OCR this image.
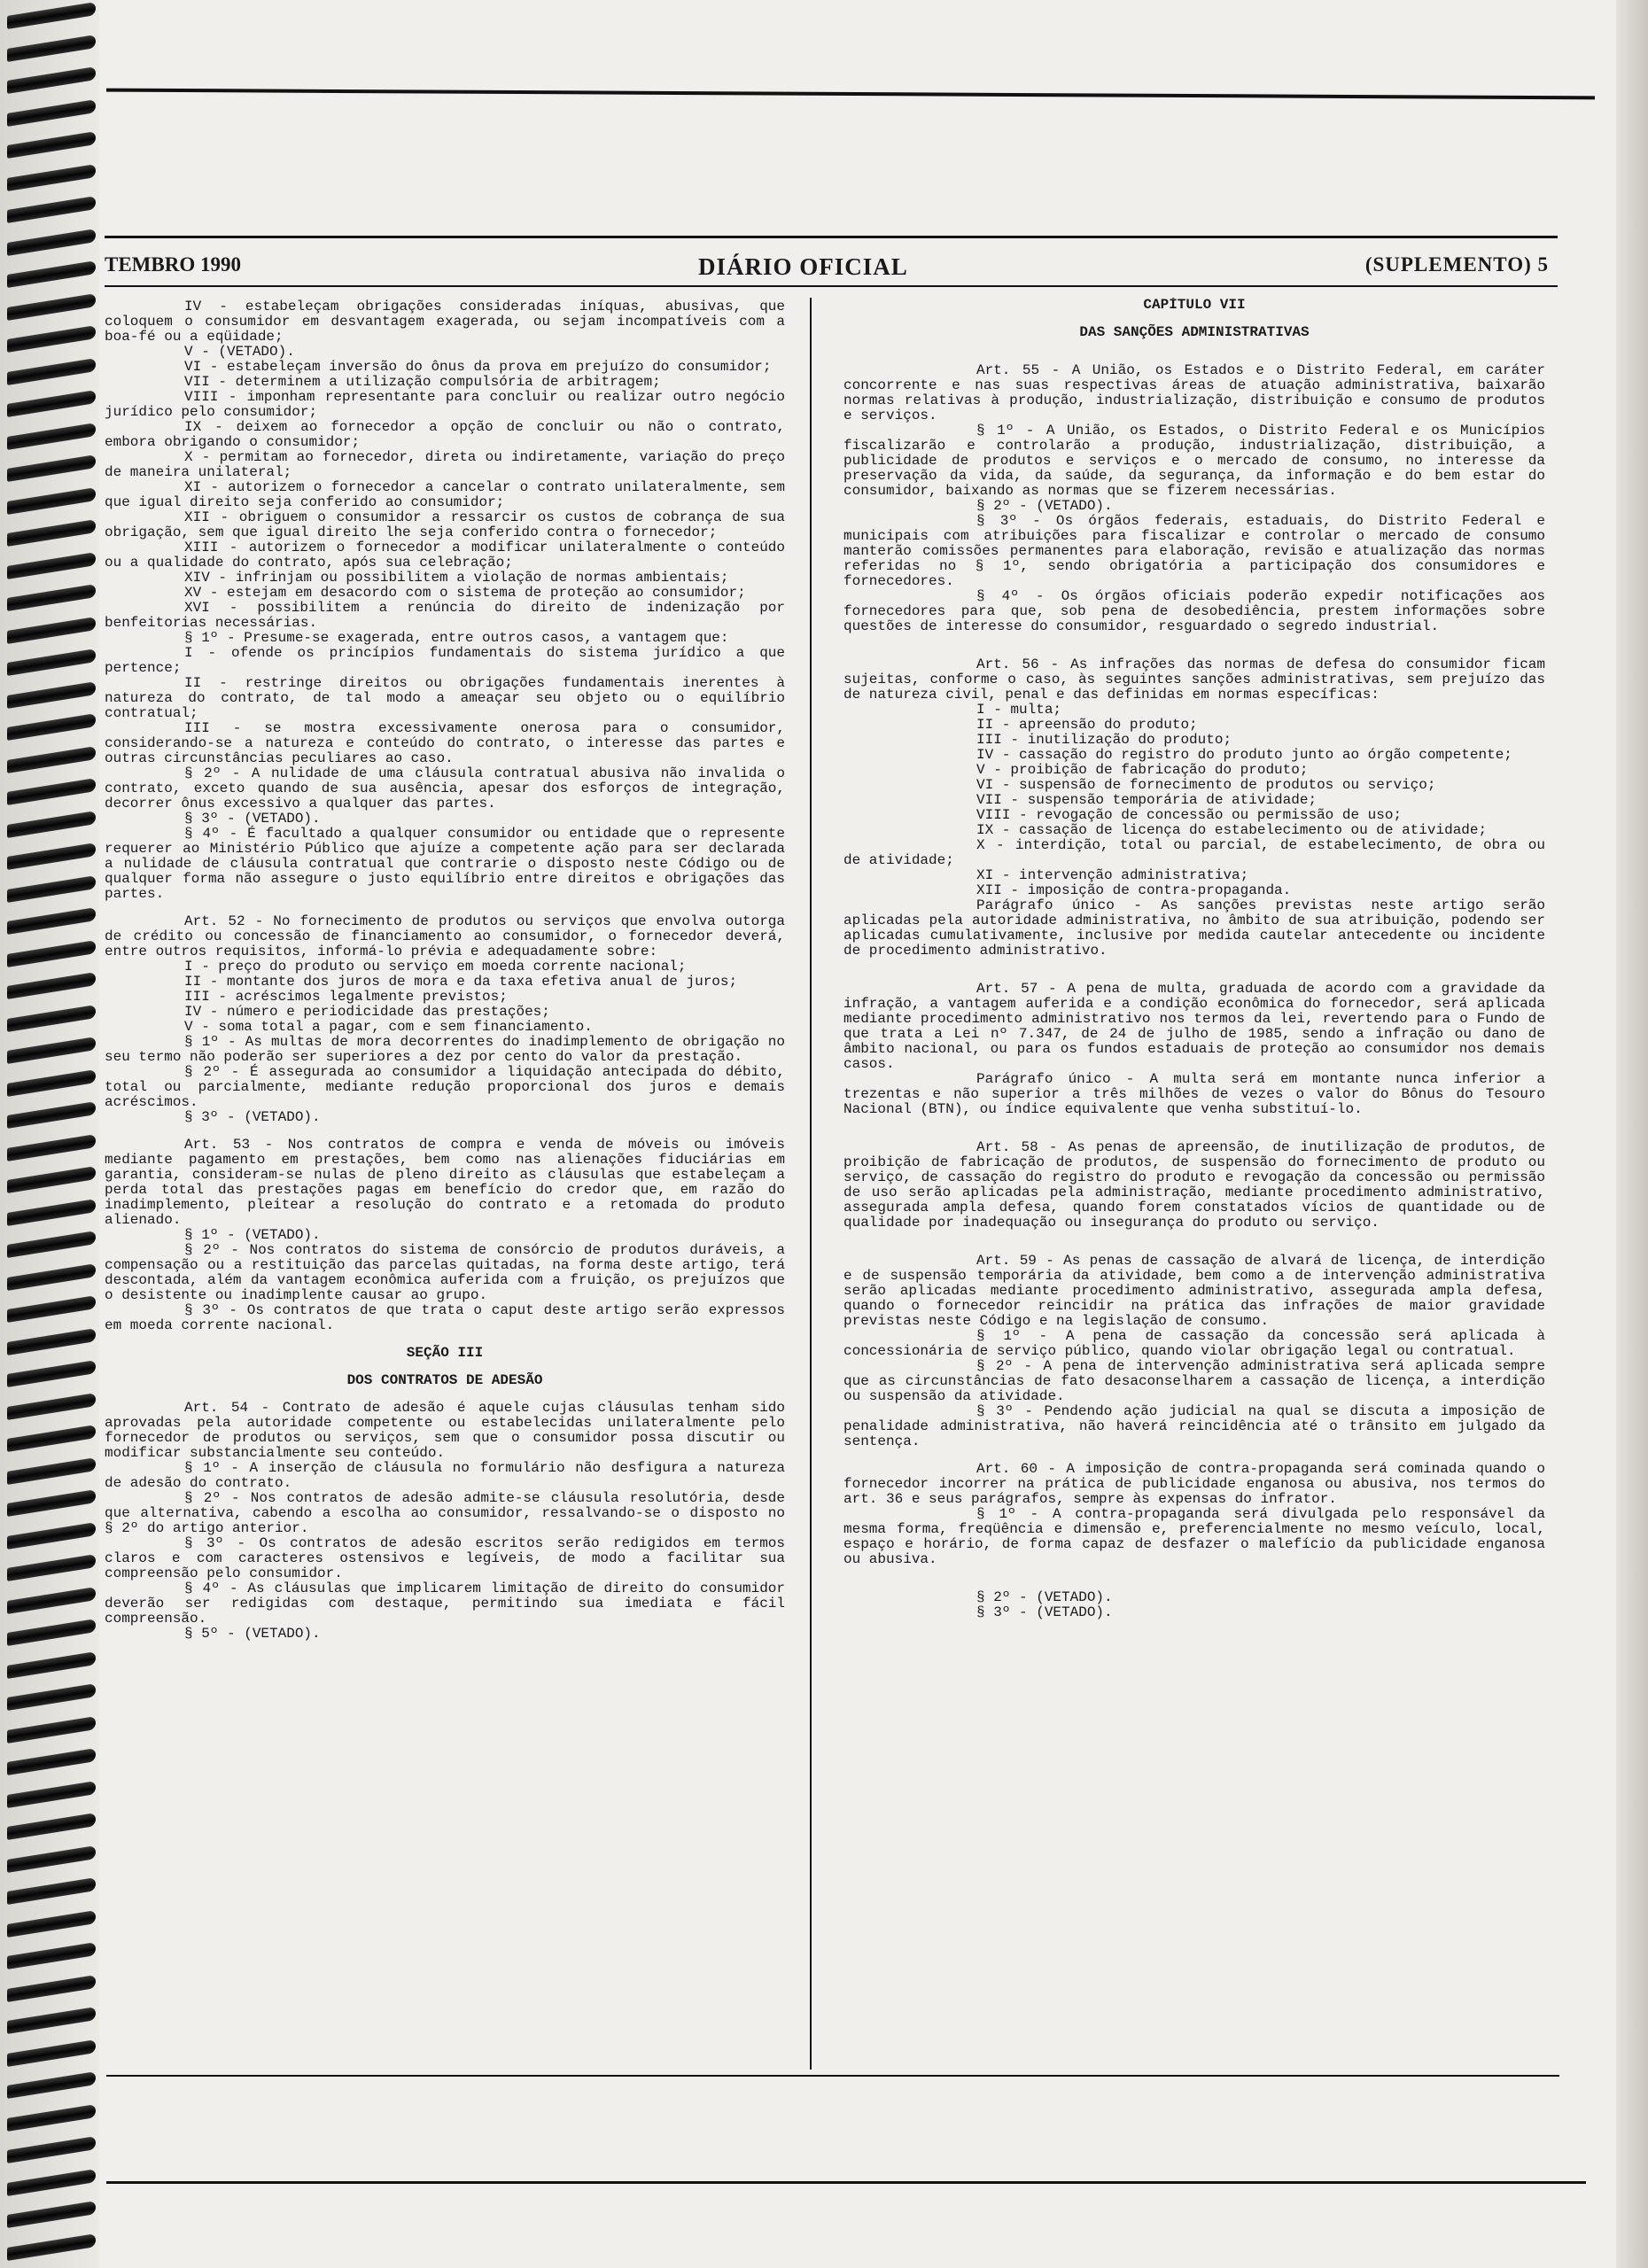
TEMBRO 1990	DIÁRIO OFICIAL	(SUPLEMENTO) 5

IV - estabeleçam obrigações consideradas iníquas, abusivas, que coloquem o consumidor em desvantagem exagerada, ou sejam incompatíveis com a boa-fé ou a eqüidade;

V - (VETADO).

VI - estabeleçam inversão do ônus da prova em prejuízo do consumidor;

VII - determinem a utilização compulsória de arbitragem;

VIII - imponham representante para concluir ou realizar outro negócio jurídico pelo consumidor;

IX - deixem ao fornecedor a opção de concluir ou não o contrato, embora obrigando o consumidor;

X - permitam ao fornecedor, direta ou indiretamente, variação do preço de maneira unilateral;

XI - autorizem o fornecedor a cancelar o contrato unilateralmente, sem que igual direito seja conferido ao consumidor;

XII - obriguem o consumidor a ressarcir os custos de cobrança de sua obrigação, sem que igual direito lhe seja conferido contra o fornecedor;

XIII - autorizem o fornecedor a modificar unilateralmente o conteúdo ou a qualidade do contrato, após sua celebração;

XIV - infrinjam ou possibilitem a violação de normas ambientais;

XV - estejam em desacordo com o sistema de proteção ao consumidor;

XVI - possibilitem a renúncia do direito de indenização por benfeitorias necessárias.

§ 1º - Presume-se exagerada, entre outros casos, a vantagem que:

I - ofende os princípios fundamentais do sistema jurídico a que pertence;

II - restringe direitos ou obrigações fundamentais inerentes à natureza do contrato, de tal modo a ameaçar seu objeto ou o equilíbrio contratual;

III - se mostra excessivamente onerosa para o consumidor, considerando-se a natureza e conteúdo do contrato, o interesse das partes e outras circunstâncias peculiares ao caso.

§ 2º - A nulidade de uma cláusula contratual abusiva não invalida o contrato, exceto quando de sua ausência, apesar dos esforços de integração, decorrer ônus excessivo a qualquer das partes.

§ 3º - (VETADO).

§ 4º - É facultado a qualquer consumidor ou entidade que o represente requerer ao Ministério Público que ajuíze a competente ação para ser declarada a nulidade de cláusula contratual que contrarie o disposto neste Código ou de qualquer forma não assegure o justo equilíbrio entre direitos e obrigações das partes.

Art. 52 - No fornecimento de produtos ou serviços que envolva outorga de crédito ou concessão de financiamento ao consumidor, o fornecedor deverá, entre outros requisitos, informá-lo prévia e adequadamente sobre:

I - preço do produto ou serviço em moeda corrente nacional;

II - montante dos juros de mora e da taxa efetiva anual de juros;

III - acréscimos legalmente previstos;

IV - número e periodicidade das prestações;

V - soma total a pagar, com e sem financiamento.

§ 1º - As multas de mora decorrentes do inadimplemento de obrigação no seu termo não poderão ser superiores a dez por cento do valor da prestação.

§ 2º - É assegurada ao consumidor a liquidação antecipada do débito, total ou parcialmente, mediante redução proporcional dos juros e demais acréscimos.

§ 3º - (VETADO).

Art. 53 - Nos contratos de compra e venda de móveis ou imóveis mediante pagamento em prestações, bem como nas alienações fiduciárias em garantia, consideram-se nulas de pleno direito as cláusulas que estabeleçam a perda total das prestações pagas em benefício do credor que, em razão do inadimplemento, pleitear a resolução do contrato e a retomada do produto alienado.

§ 1º - (VETADO).

§ 2º - Nos contratos do sistema de consórcio de produtos duráveis, a compensação ou a restituição das parcelas quitadas, na forma deste artigo, terá descontada, além da vantagem econômica auferida com a fruição, os prejuízos que o desistente ou inadimplente causar ao grupo.

§ 3º - Os contratos de que trata o caput deste artigo serão expressos em moeda corrente nacional.

SEÇÃO III

DOS CONTRATOS DE ADESÃO

Art. 54 - Contrato de adesão é aquele cujas cláusulas tenham sido aprovadas pela autoridade competente ou estabelecidas unilateralmente pelo fornecedor de produtos ou serviços, sem que o consumidor possa discutir ou modificar substancialmente seu conteúdo.

§ 1º - A inserção de cláusula no formulário não desfigura a natureza de adesão do contrato.

§ 2º - Nos contratos de adesão admite-se cláusula resolutória, desde que alternativa, cabendo a escolha ao consumidor, ressalvando-se o disposto no § 2º do artigo anterior.

§ 3º - Os contratos de adesão escritos serão redigidos em termos claros e com caracteres ostensivos e legíveis, de modo a facilitar sua compreensão pelo consumidor.

§ 4º - As cláusulas que implicarem limitação de direito do consumidor deverão ser redigidas com destaque, permitindo sua imediata e fácil compreensão.

§ 5º - (VETADO).

CAPÍTULO VII

DAS SANÇÕES ADMINISTRATIVAS

Art. 55 - A União, os Estados e o Distrito Federal, em caráter concorrente e nas suas respectivas áreas de atuação administrativa, baixarão normas relativas à produção, industrialização, distribuição e consumo de produtos e serviços.

§ 1º - A União, os Estados, o Distrito Federal e os Municípios fiscalizarão e controlarão a produção, industrialização, distribuição, a publicidade de produtos e serviços e o mercado de consumo, no interesse da preservação da vida, da saúde, da segurança, da informação e do bem estar do consumidor, baixando as normas que se fizerem necessárias.

§ 2º - (VETADO).

§ 3º - Os órgãos federais, estaduais, do Distrito Federal e municipais com atribuições para fiscalizar e controlar o mercado de consumo manterão comissões permanentes para elaboração, revisão e atualização das normas referidas no § 1º, sendo obrigatória a participação dos consumidores e fornecedores.

§ 4º - Os órgãos oficiais poderão expedir notificações aos fornecedores para que, sob pena de desobediência, prestem informações sobre questões de interesse do consumidor, resguardado o segredo industrial.

Art. 56 - As infrações das normas de defesa do consumidor ficam sujeitas, conforme o caso, às seguintes sanções administrativas, sem prejuízo das de natureza civil, penal e das definidas em normas específicas:

I - multa;

II - apreensão do produto;

III - inutilização do produto;

IV - cassação do registro do produto junto ao órgão competente;

V - proibição de fabricação do produto;

VI - suspensão de fornecimento de produtos ou serviço;

VII - suspensão temporária de atividade;

VIII - revogação de concessão ou permissão de uso;

IX - cassação de licença do estabelecimento ou de atividade;

X - interdição, total ou parcial, de estabelecimento, de obra ou de atividade;

XI - intervenção administrativa;

XII - imposição de contra-propaganda.

Parágrafo único - As sanções previstas neste artigo serão aplicadas pela autoridade administrativa, no âmbito de sua atribuição, podendo ser aplicadas cumulativamente, inclusive por medida cautelar antecedente ou incidente de procedimento administrativo.

Art. 57 - A pena de multa, graduada de acordo com a gravidade da infração, a vantagem auferida e a condição econômica do fornecedor, será aplicada mediante procedimento administrativo nos termos da lei, revertendo para o Fundo de que trata a Lei nº 7.347, de 24 de julho de 1985, sendo a infração ou dano de âmbito nacional, ou para os fundos estaduais de proteção ao consumidor nos demais casos.

Parágrafo único - A multa será em montante nunca inferior a trezentas e não superior a três milhões de vezes o valor do Bônus do Tesouro Nacional (BTN), ou índice equivalente que venha substituí-lo.

Art. 58 - As penas de apreensão, de inutilização de produtos, de proibição de fabricação de produtos, de suspensão do fornecimento de produto ou serviço, de cassação do registro do produto e revogação da concessão ou permissão de uso serão aplicadas pela administração, mediante procedimento administrativo, assegurada ampla defesa, quando forem constatados vícios de quantidade ou de qualidade por inadequação ou insegurança do produto ou serviço.

Art. 59 - As penas de cassação de alvará de licença, de interdição e de suspensão temporária da atividade, bem como a de intervenção administrativa serão aplicadas mediante procedimento administrativo, assegurada ampla defesa, quando o fornecedor reincidir na prática das infrações de maior gravidade previstas neste Código e na legislação de consumo.

§ 1º - A pena de cassação da concessão será aplicada à concessionária de serviço público, quando violar obrigação legal ou contratual.

§ 2º - A pena de intervenção administrativa será aplicada sempre que as circunstâncias de fato desaconselharem a cassação de licença, a interdição ou suspensão da atividade.

§ 3º - Pendendo ação judicial na qual se discuta a imposição de penalidade administrativa, não haverá reincidência até o trânsito em julgado da sentença.

Art. 60 - A imposição de contra-propaganda será cominada quando o fornecedor incorrer na prática de publicidade enganosa ou abusiva, nos termos do art. 36 e seus parágrafos, sempre às expensas do infrator.

§ 1º - A contra-propaganda será divulgada pelo responsável da mesma forma, freqüência e dimensão e, preferencialmente no mesmo veículo, local, espaço e horário, de forma capaz de desfazer o malefício da publicidade enganosa ou abusiva.

§ 2º - (VETADO).

§ 3º - (VETADO).
